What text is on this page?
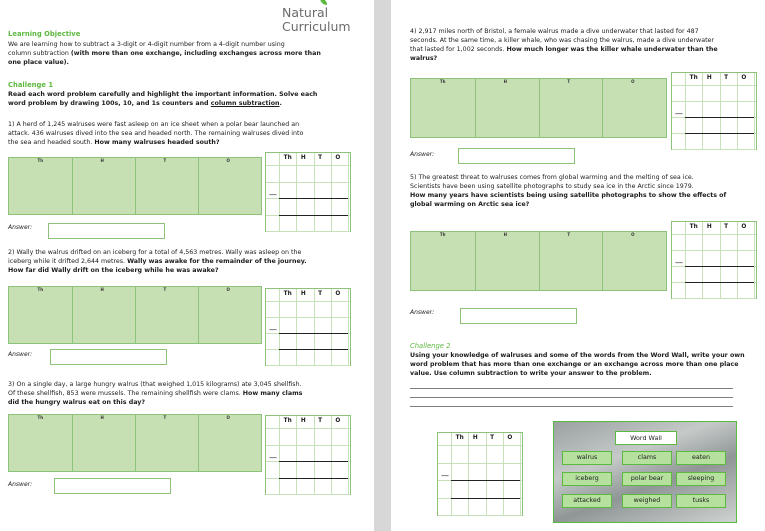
Natural
Curriculum
Learning Objective
We are learning how to subtract a 3-digit or 4-digit number from a 4-digit number using
column subtraction (with more than one exchange, including exchanges across more than
one place value).
Challenge 1
Read each word problem carefully and highlight the important information. Solve each
word problem by drawing 100s, 10, and 1s counters and column subtraction.
1) A herd of 1,245 walruses were fast asleep on an ice sheet when a polar bear launched an
attack. 436 walruses dived into the sea and headed north. The remaining walruses dived into
the sea and headed south. How many walruses headed south?
Th	H	T	O	Th H T O
—
Answer:
2) Wally the walrus drifted on an iceberg for a total of 4,563 metres. Wally was asleep on the
iceberg while it drifted 2,644 metres. Wally was awake for the remainder of the journey.
How far did Wally drift on the iceberg while he was awake?
Th	H	T	O
Th H T O
—
Answer:
3) On a single day, a large hungry walrus (that weighed 1,015 kilograms) ate 3,045 shellfish.
Of these shellfish, 853 were mussels. The remaining shellfish were clams. How many clams
did the hungry walrus eat on this day?
Th	H	T	O
Th H T O
—
Answer:
4) 2,917 miles north of Bristol, a female walrus made a dive underwater that lasted for 487
seconds. At the same time, a killer whale, who was chasing the walrus, made a dive underwater
that lasted for 1,002 seconds. How much longer was the killer whale underwater than the
walrus?
Th	H	T	O
Th H T O
—
Answer:
5) The greatest threat to walruses comes from global warming and the melting of sea ice.
Scientists have been using satellite photographs to study sea ice in the Arctic since 1979.
How many years have scientists being using satellite photographs to show the effects of
global warming on Arctic sea ice?
Th	H	T	O
Th H T O
—
Answer:
Challenge 2
Using your knowledge of walruses and some of the words from the Word Wall, write your own
word problem that has more than one exchange or an exchange across more than one place
value. Use column subtraction to write your answer to the problem.
Th H T O
—
Word Wall
walrus	clams	eaten
iceberg	polar bear	sleeping
attacked	weighed	tusks
